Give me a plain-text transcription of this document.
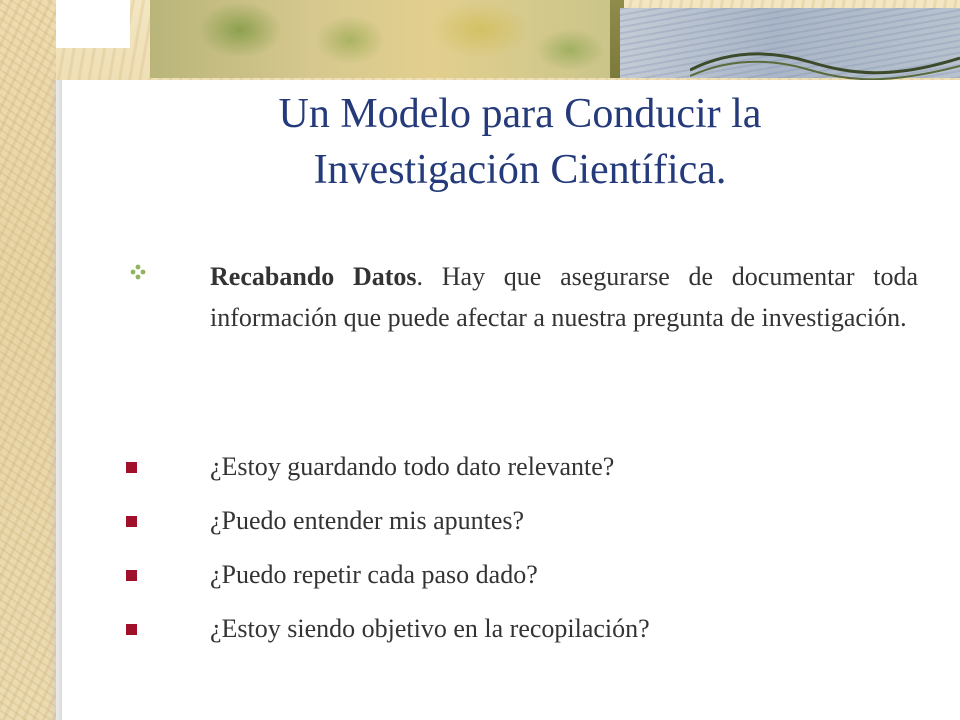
Un Modelo para Conducir la
Investigación Científica.

Recabando Datos. Hay que asegurarse de documentar toda información que puede afectar a nuestra pregunta de investigación.

¿Estoy guardando todo dato relevante?
¿Puedo entender mis apuntes?
¿Puedo repetir cada paso dado?
¿Estoy siendo objetivo en la recopilación?
